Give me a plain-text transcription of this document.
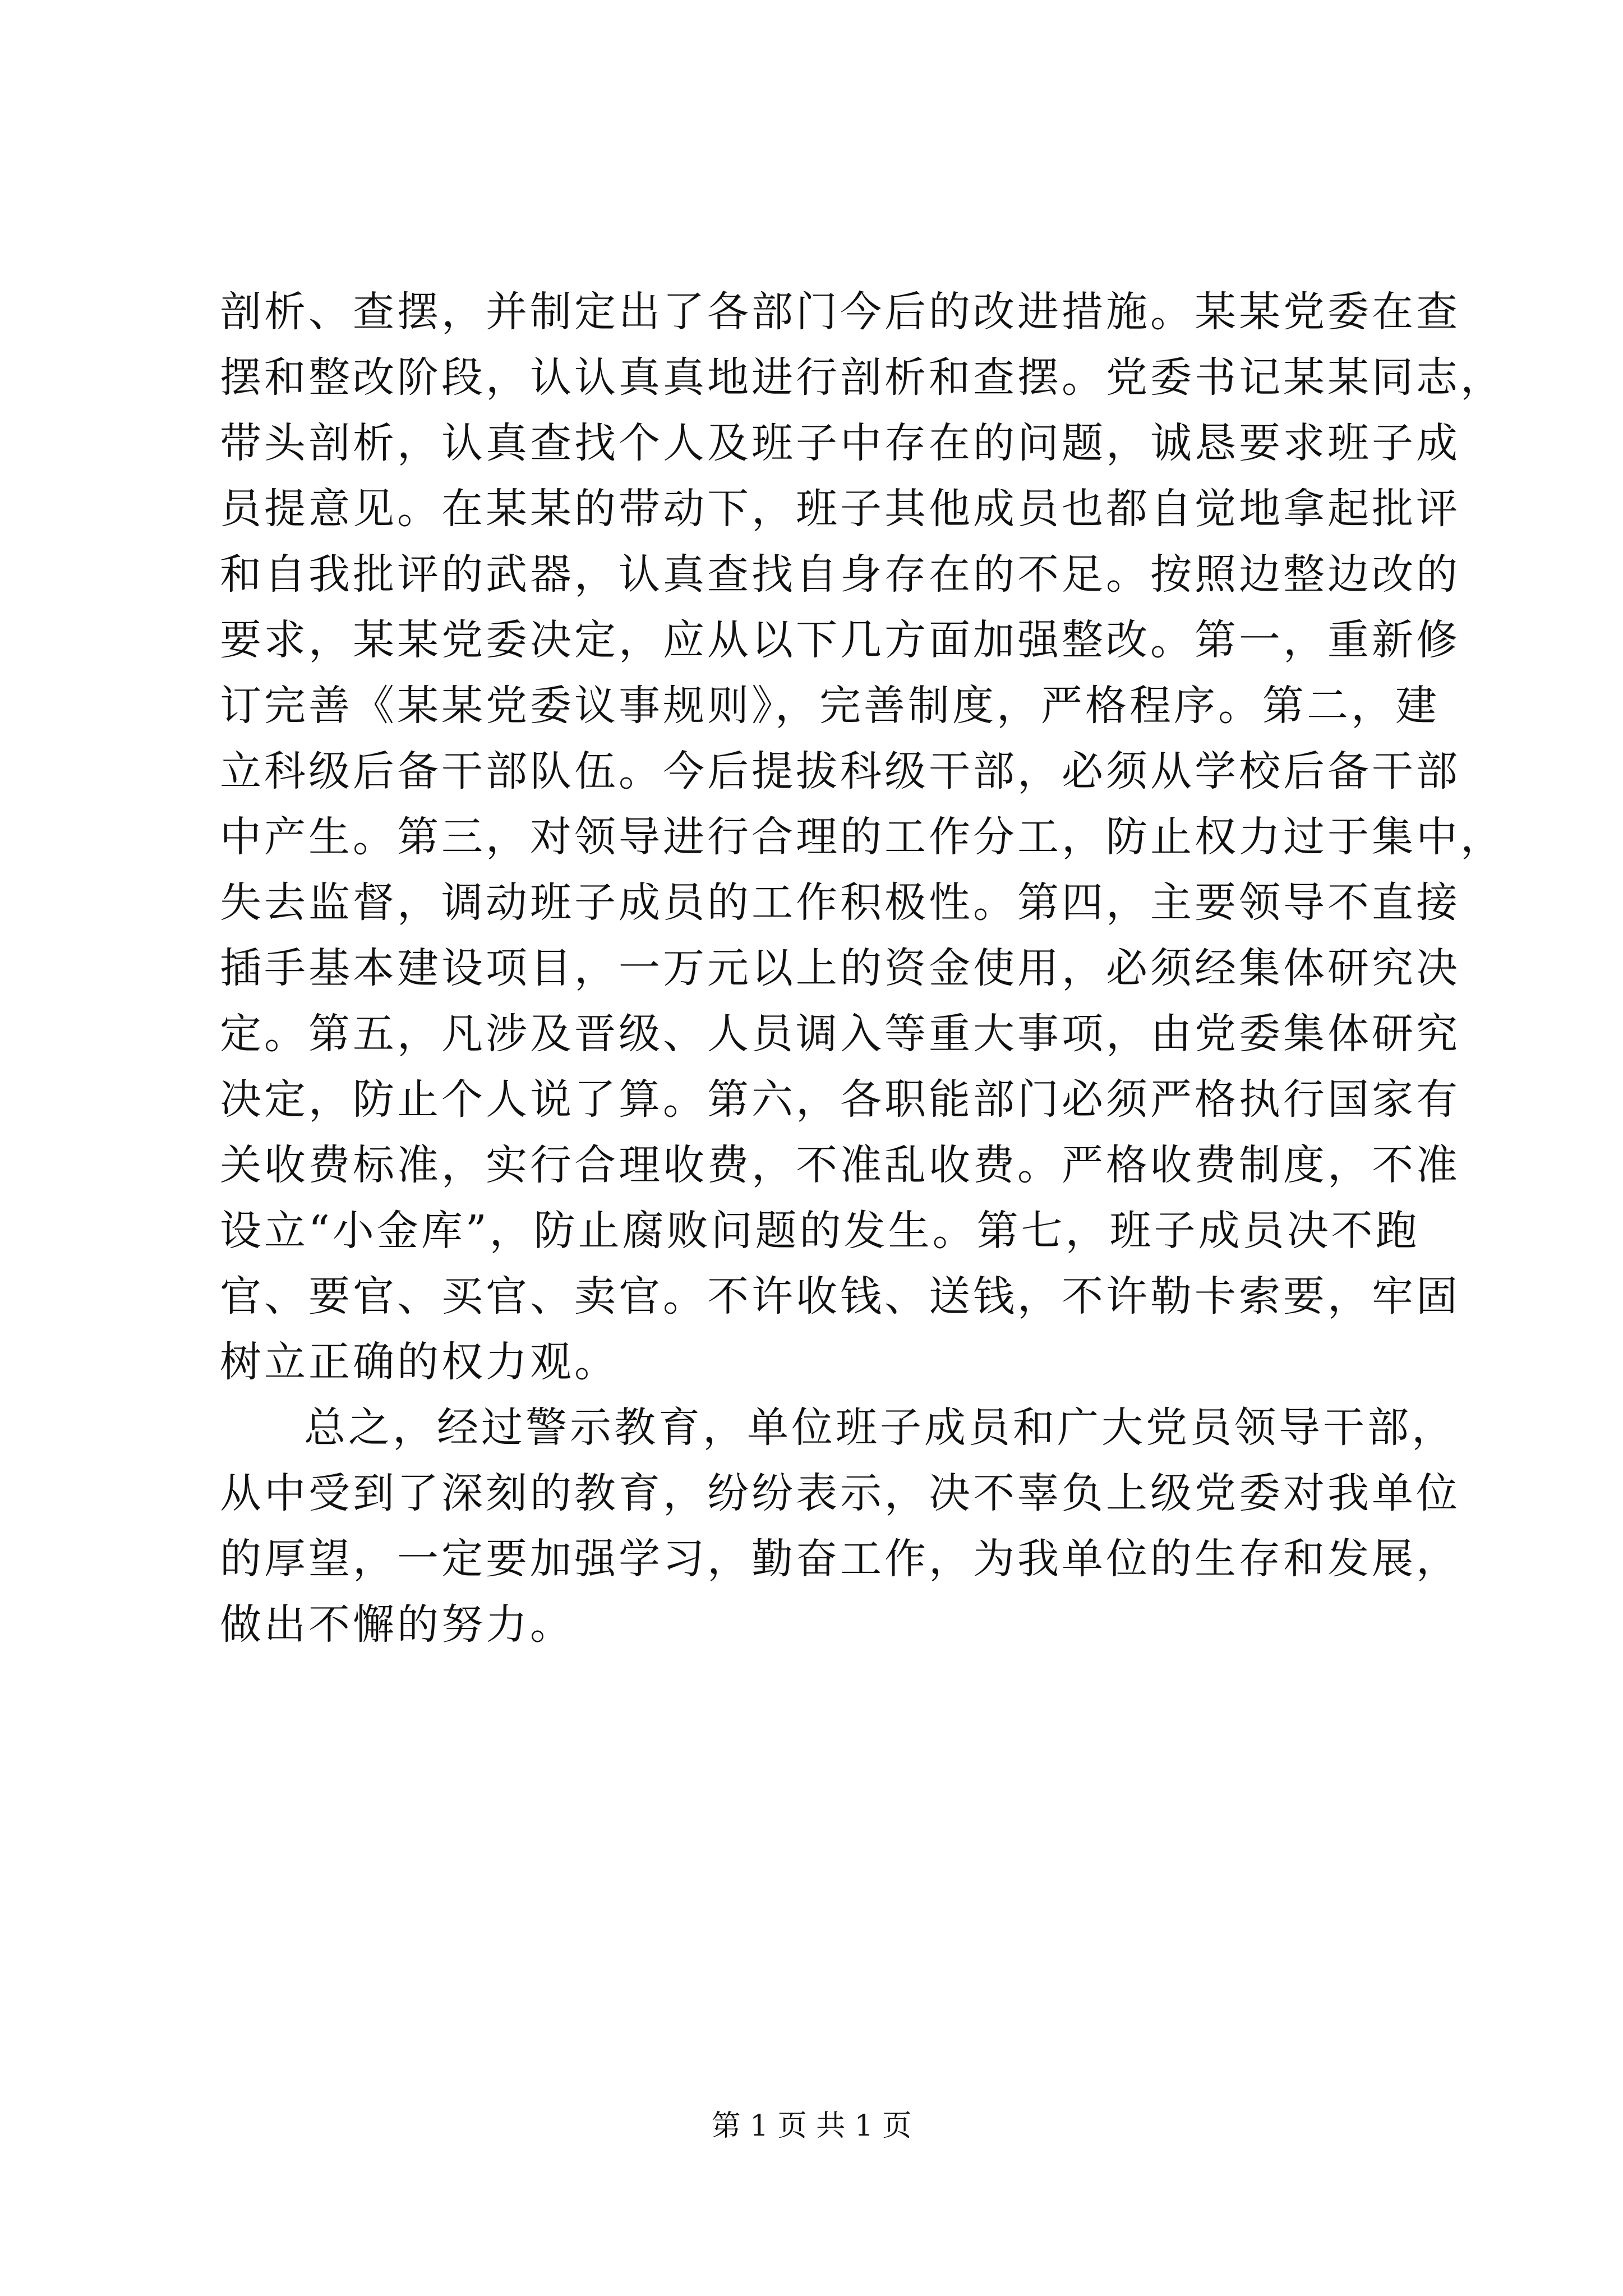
剖析、查摆，并制定出了各部门今后的改进措施。某某党委在查
摆和整改阶段，认认真真地进行剖析和查摆。党委书记某某同志，
带头剖析，认真查找个人及班子中存在的问题，诚恳要求班子成
员提意见。在某某的带动下，班子其他成员也都自觉地拿起批评
和自我批评的武器，认真查找自身存在的不足。按照边整边改的
要求，某某党委决定，应从以下几方面加强整改。第一，重新修
订完善《某某党委议事规则》，完善制度，严格程序。第二，建
立科级后备干部队伍。今后提拔科级干部，必须从学校后备干部
中产生。第三，对领导进行合理的工作分工，防止权力过于集中，
失去监督，调动班子成员的工作积极性。第四，主要领导不直接
插手基本建设项目，一万元以上的资金使用，必须经集体研究决
定。第五，凡涉及晋级、人员调入等重大事项，由党委集体研究
决定，防止个人说了算。第六，各职能部门必须严格执行国家有
关收费标准，实行合理收费，不准乱收费。严格收费制度，不准
设立“小金库”，防止腐败问题的发生。第七，班子成员决不跑
官、要官、买官、卖官。不许收钱、送钱，不许勒卡索要，牢固
树立正确的权力观。
总之，经过警示教育，单位班子成员和广大党员领导干部，
从中受到了深刻的教育，纷纷表示，决不辜负上级党委对我单位
的厚望，一定要加强学习，勤奋工作，为我单位的生存和发展，
做出不懈的努力。
第 1 页 共 1 页
